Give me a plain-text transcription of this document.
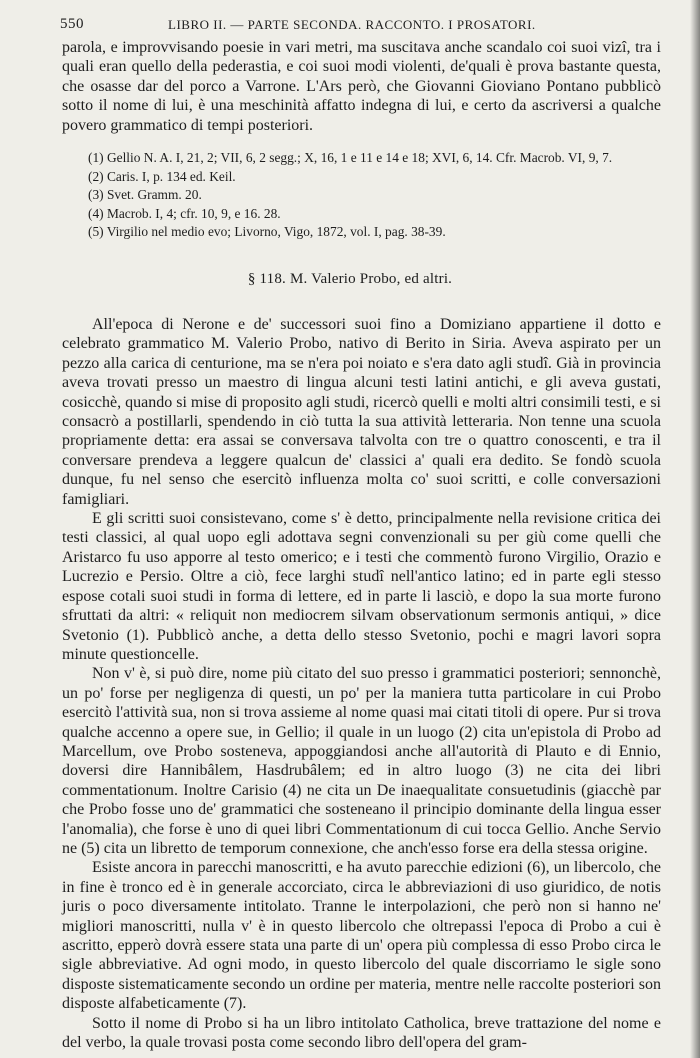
550	LIBRO II. — PARTE SECONDA. RACCONTO. I PROSATORI.

parola, e improvvisando poesie in vari metri, ma suscitava anche scandalo coi suoi vizî, tra i quali eran quello della pederastia, e coi suoi modi violenti, de'quali è prova bastante questa, che osasse dar del porco a Varrone. L'Ars però, che Giovanni Gioviano Pontano pubblicò sotto il nome di lui, è una meschinità affatto indegna di lui, e certo da ascriversi a qualche povero grammatico di tempi posteriori.

(1) Gellio N. A. I, 21, 2; VII, 6, 2 segg.; X, 16, 1 e 11 e 14 e 18; XVI, 6, 14. Cfr. Macrob. VI, 9, 7.
(2) Caris. I, p. 134 ed. Keil.
(3) Svet. Gramm. 20.
(4) Macrob. I, 4; cfr. 10, 9, e 16. 28.
(5) Virgilio nel medio evo; Livorno, Vigo, 1872, vol. I, pag. 38-39.
§ 118. M. Valerio Probo, ed altri.

All'epoca di Nerone e de' successori suoi fino a Domiziano appartiene il dotto e celebrato grammatico M. Valerio Probo, nativo di Berito in Siria. Aveva aspirato per un pezzo alla carica di centurione, ma se n'era poi noiato e s'era dato agli studî. Già in provincia aveva trovati presso un maestro di lingua alcuni testi latini antichi, e gli aveva gustati, cosicchè, quando si mise di proposito agli studi, ricercò quelli e molti altri consimili testi, e si consacrò a postillarli, spendendo in ciò tutta la sua attività letteraria. Non tenne una scuola propriamente detta: era assai se conversava talvolta con tre o quattro conoscenti, e tra il conversare prendeva a leggere qualcun de' classici a' quali era dedito. Se fondò scuola dunque, fu nel senso che esercitò influenza molta co' suoi scritti, e colle conversazioni famigliari.

E gli scritti suoi consistevano, come s' è detto, principalmente nella revisione critica dei testi classici, al qual uopo egli adottava segni convenzionali su per giù come quelli che Aristarco fu uso apporre al testo omerico; e i testi che commentò furono Virgilio, Orazio e Lucrezio e Persio. Oltre a ciò, fece larghi studî nell'antico latino; ed in parte egli stesso espose cotali suoi studi in forma di lettere, ed in parte li lasciò, e dopo la sua morte furono sfruttati da altri: « reliquit non mediocrem silvam observationum sermonis antiqui, » dice Svetonio (1). Pubblicò anche, a detta dello stesso Svetonio, pochi e magri lavori sopra minute questioncelle.

Non v' è, si può dire, nome più citato del suo presso i grammatici posteriori; sennonchè, un po' forse per negligenza di questi, un po' per la maniera tutta particolare in cui Probo esercitò l'attività sua, non si trova assieme al nome quasi mai citati titoli di opere. Pur si trova qualche accenno a opere sue, in Gellio; il quale in un luogo (2) cita un'epistola di Probo ad Marcellum, ove Probo sosteneva, appoggiandosi anche all'autorità di Plauto e di Ennio, doversi dire Hannibâlem, Hasdrubâlem; ed in altro luogo (3) ne cita dei libri commentationum. Inoltre Carisio (4) ne cita un De inaequalitate consuetudinis (giacchè par che Probo fosse uno de' grammatici che sosteneano il principio dominante della lingua esser l'anomalia), che forse è uno di quei libri Commentationum di cui tocca Gellio. Anche Servio ne (5) cita un libretto de temporum connexione, che anch'esso forse era della stessa origine.

Esiste ancora in parecchi manoscritti, e ha avuto parecchie edizioni (6), un libercolo, che in fine è tronco ed è in generale accorciato, circa le abbreviazioni di uso giuridico, de notis juris o poco diversamente intitolato. Tranne le interpolazioni, che però non si hanno ne' migliori manoscritti, nulla v' è in questo libercolo che oltrepassi l'epoca di Probo a cui è ascritto, epperò dovrà essere stata una parte di un' opera più complessa di esso Probo circa le sigle abbreviative. Ad ogni modo, in questo libercolo del quale discorriamo le sigle sono disposte sistematicamente secondo un ordine per materia, mentre nelle raccolte posteriori son disposte alfabeticamente (7).

Sotto il nome di Probo si ha un libro intitolato Catholica, breve trattazione del nome e del verbo, la quale trovasi posta come secondo libro dell'opera del gram-
